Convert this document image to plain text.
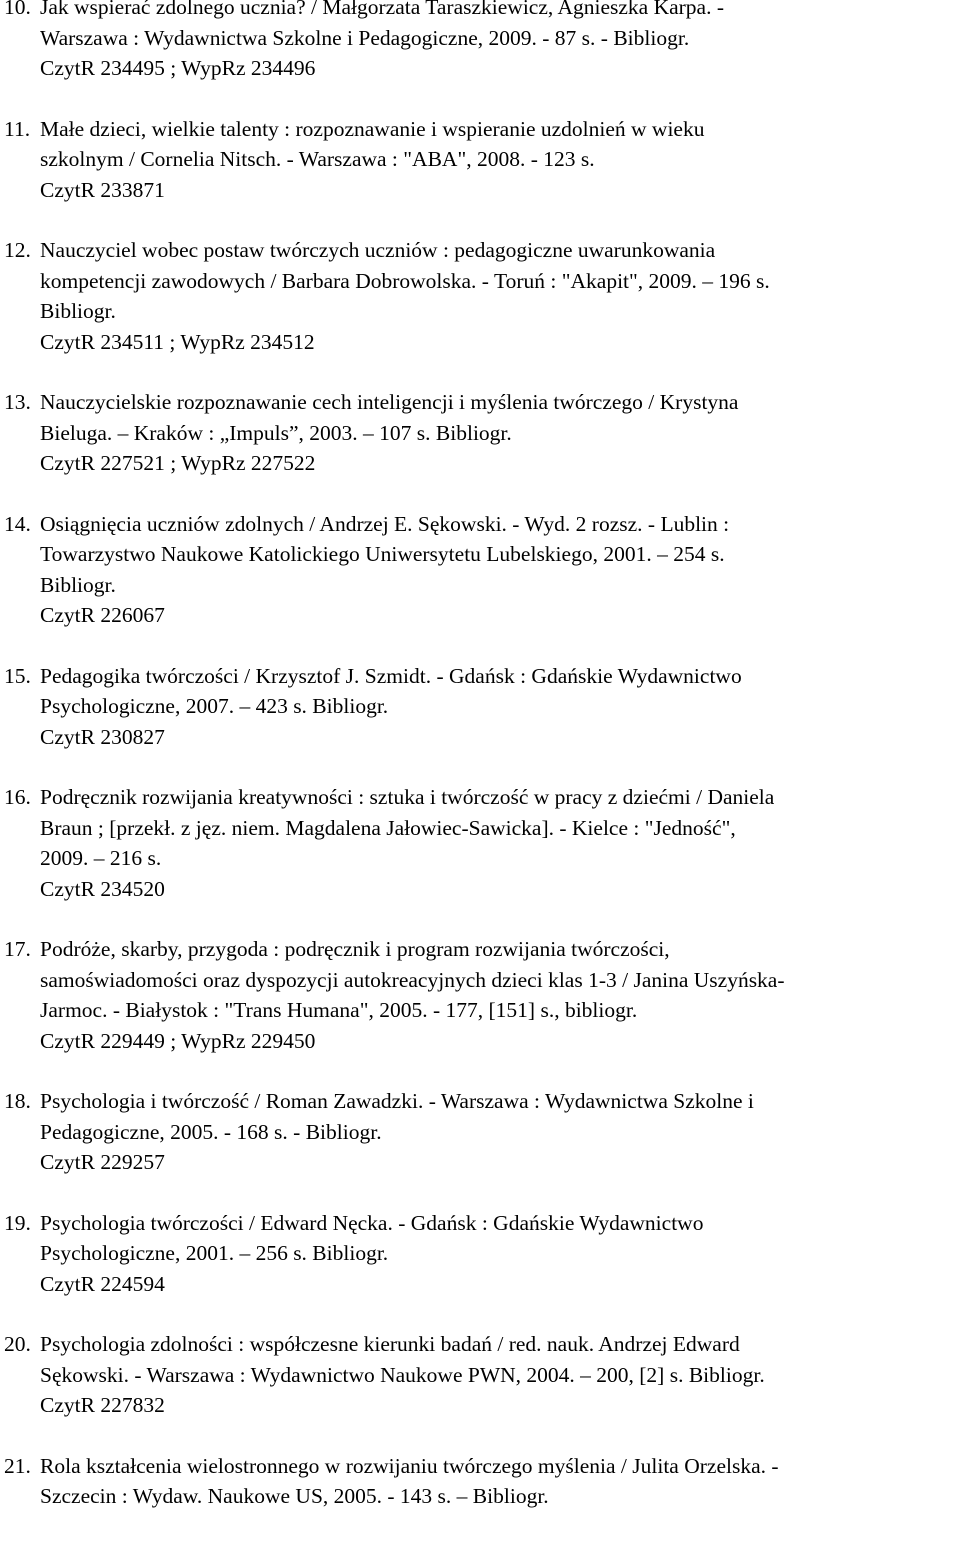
10. Jak wspierać zdolnego ucznia? / Małgorzata Taraszkiewicz, Agnieszka Karpa. -

Warszawa : Wydawnictwa Szkolne i Pedagogiczne, 2009. - 87 s. - Bibliogr.

CzytR 234495 ; WypRz 234496

11. Małe dzieci, wielkie talenty : rozpoznawanie i wspieranie uzdolnień w wieku

szkolnym / Cornelia Nitsch. - Warszawa : "ABA", 2008. - 123 s.

CzytR 233871

12. Nauczyciel wobec postaw twórczych uczniów : pedagogiczne uwarunkowania

kompetencji zawodowych / Barbara Dobrowolska. - Toruń : "Akapit", 2009. – 196 s.

Bibliogr.

CzytR 234511 ; WypRz 234512

13. Nauczycielskie rozpoznawanie cech inteligencji i myślenia twórczego / Krystyna

Bieluga. – Kraków : „Impuls”, 2003. – 107 s. Bibliogr.

CzytR 227521 ; WypRz 227522

14. Osiągnięcia uczniów zdolnych / Andrzej E. Sękowski. - Wyd. 2 rozsz. - Lublin :

Towarzystwo Naukowe Katolickiego Uniwersytetu Lubelskiego, 2001. – 254 s.

Bibliogr.

CzytR 226067

15. Pedagogika twórczości / Krzysztof J. Szmidt. - Gdańsk : Gdańskie Wydawnictwo

Psychologiczne, 2007. – 423 s. Bibliogr.

CzytR 230827

16. Podręcznik rozwijania kreatywności : sztuka i twórczość w pracy z dziećmi / Daniela

Braun ; [przekł. z jęz. niem. Magdalena Jałowiec-Sawicka]. - Kielce : "Jedność",

2009. – 216 s.

CzytR 234520

17. Podróże, skarby, przygoda : podręcznik i program rozwijania twórczości,

samoświadomości oraz dyspozycji autokreacyjnych dzieci klas 1-3 / Janina Uszyńska-

Jarmoc. - Białystok : "Trans Humana", 2005. - 177, [151] s., bibliogr.

CzytR 229449 ; WypRz 229450

18. Psychologia i twórczość / Roman Zawadzki. - Warszawa : Wydawnictwa Szkolne i

Pedagogiczne, 2005. - 168 s. - Bibliogr.

CzytR 229257

19. Psychologia twórczości / Edward Nęcka. - Gdańsk : Gdańskie Wydawnictwo

Psychologiczne, 2001. – 256 s. Bibliogr.

CzytR 224594

20. Psychologia zdolności : współczesne kierunki badań / red. nauk. Andrzej Edward

Sękowski. - Warszawa : Wydawnictwo Naukowe PWN, 2004. – 200, [2] s. Bibliogr.

CzytR 227832

21. Rola kształcenia wielostronnego w rozwijaniu twórczego myślenia / Julita Orzelska. -

Szczecin : Wydaw. Naukowe US, 2005. - 143 s. – Bibliogr.
